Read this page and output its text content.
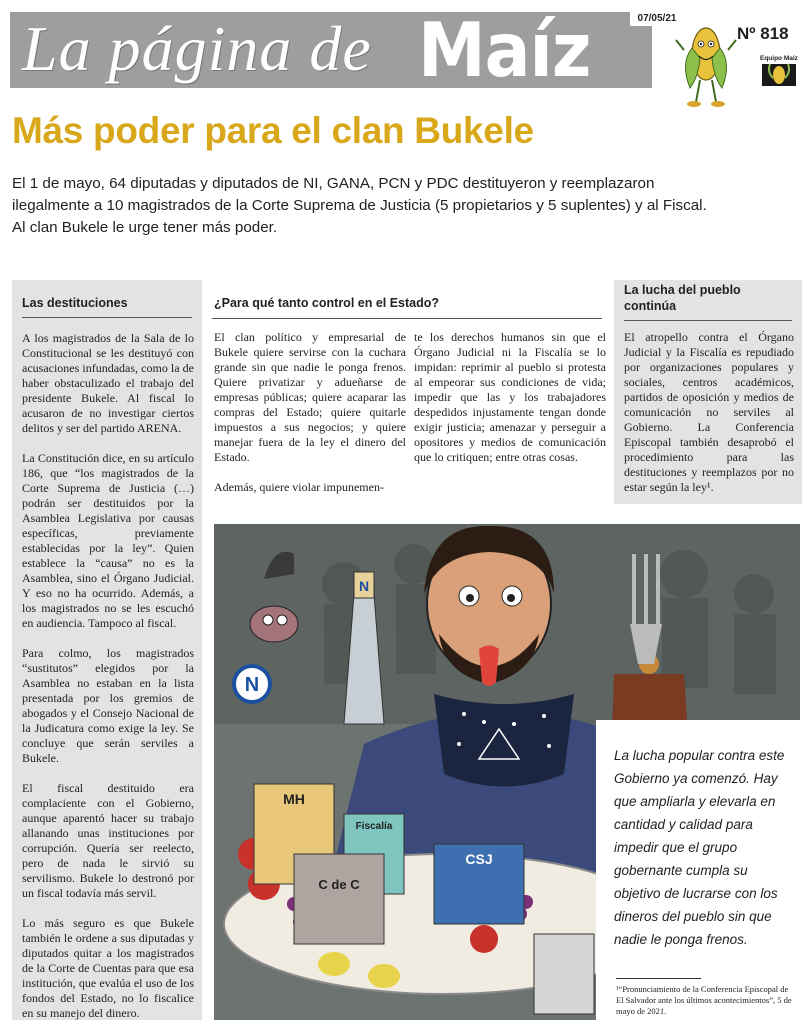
La página de Maíz	07/05/21
Nº 818
Equipo Maíz
Más poder para el clan Bukele

El 1 de mayo, 64 diputadas y diputados de NI, GANA, PCN y PDC destituyeron y reemplazaron

ilegalmente a 10 magistrados de la Corte Suprema de Justicia (5 propietarios y 5 suplentes) y al Fiscal.

Al clan Bukele le urge tener más poder.

Las destituciones

A los magistrados de la Sala de lo Constitucional se les destituyó con acusaciones infundadas, como la de haber obstaculizado el trabajo del presidente Bukele. Al fiscal lo acusaron de no investigar ciertos delitos y ser del partido ARENA.

La Constitución dice, en su artículo 186, que “los magistrados de la Corte Suprema de Justicia (…) podrán ser destituidos por la Asamblea Legislativa por causas específicas, previamente establecidas por la ley”. Quien establece la “causa” no es la Asamblea, sino el Órgano Judicial. Y eso no ha ocurrido. Además, a los magistrados no se les escuchó en audiencia. Tampoco al fiscal.

Para colmo, los magistrados “sustitutos” elegidos por la Asamblea no estaban en la lista presentada por los gremios de abogados y el Consejo Nacional de la Judicatura como exige la ley. Se concluye que serán serviles a Bukele.

El fiscal destituido era complaciente con el Gobierno, aunque aparentó hacer su trabajo allanando unas instituciones por corrupción. Quería ser reelecto, pero de nada le sirvió su servilismo. Bukele lo destronó por un fiscal todavía más servil.

Lo más seguro es que Bukele también le ordene a sus diputadas y diputados quitar a los magistrados de la Corte de Cuentas para que esa institución, que evalúa el uso de los fondos del Estado, no lo fiscalice en su manejo del dinero.

¿Para qué tanto control en el Estado?

El clan político y empresarial de Bukele quiere servirse con la cuchara grande sin que nadie le ponga frenos. Quiere privatizar y adueñarse de empresas públicas; quiere acaparar las compras del Estado; quiere quitarle impuestos a sus negocios; y quiere manejar fuera de la ley el dinero del Estado.

Además, quiere violar impunemen-

te los derechos humanos sin que el Órgano Judicial ni la Fiscalía se lo impidan: reprimir al pueblo si protesta al empeorar sus condiciones de vida; impedir que las y los trabajadores despedidos injustamente tengan donde exigir justicia; amenazar y perseguir a opositores y medios de comunicación que lo critiquen; entre otras cosas.

La lucha del pueblo continúa

El atropello contra el Órgano Judicial y la Fiscalía es repudiado por organizaciones populares y sociales, centros académicos, partidos de oposición y medios de comunicación no serviles al Gobierno. La Conferencia Episcopal también desaprobó el procedimiento para las destituciones y reemplazos por no estar según la ley¹.

N
N
MH
Fiscalía
CSJ
C de C

La lucha popular contra este Gobierno ya comenzó. Hay que ampliarla y elevarla en cantidad y calidad para impedir que el grupo gobernante cumpla su objetivo de lucrarse con los dineros del pueblo sin que nadie le ponga frenos.

¹“Pronunciamiento de la Conferencia Episcopal de El Salvador ante los últimos acontecimientos”, 5 de mayo de 2021.
